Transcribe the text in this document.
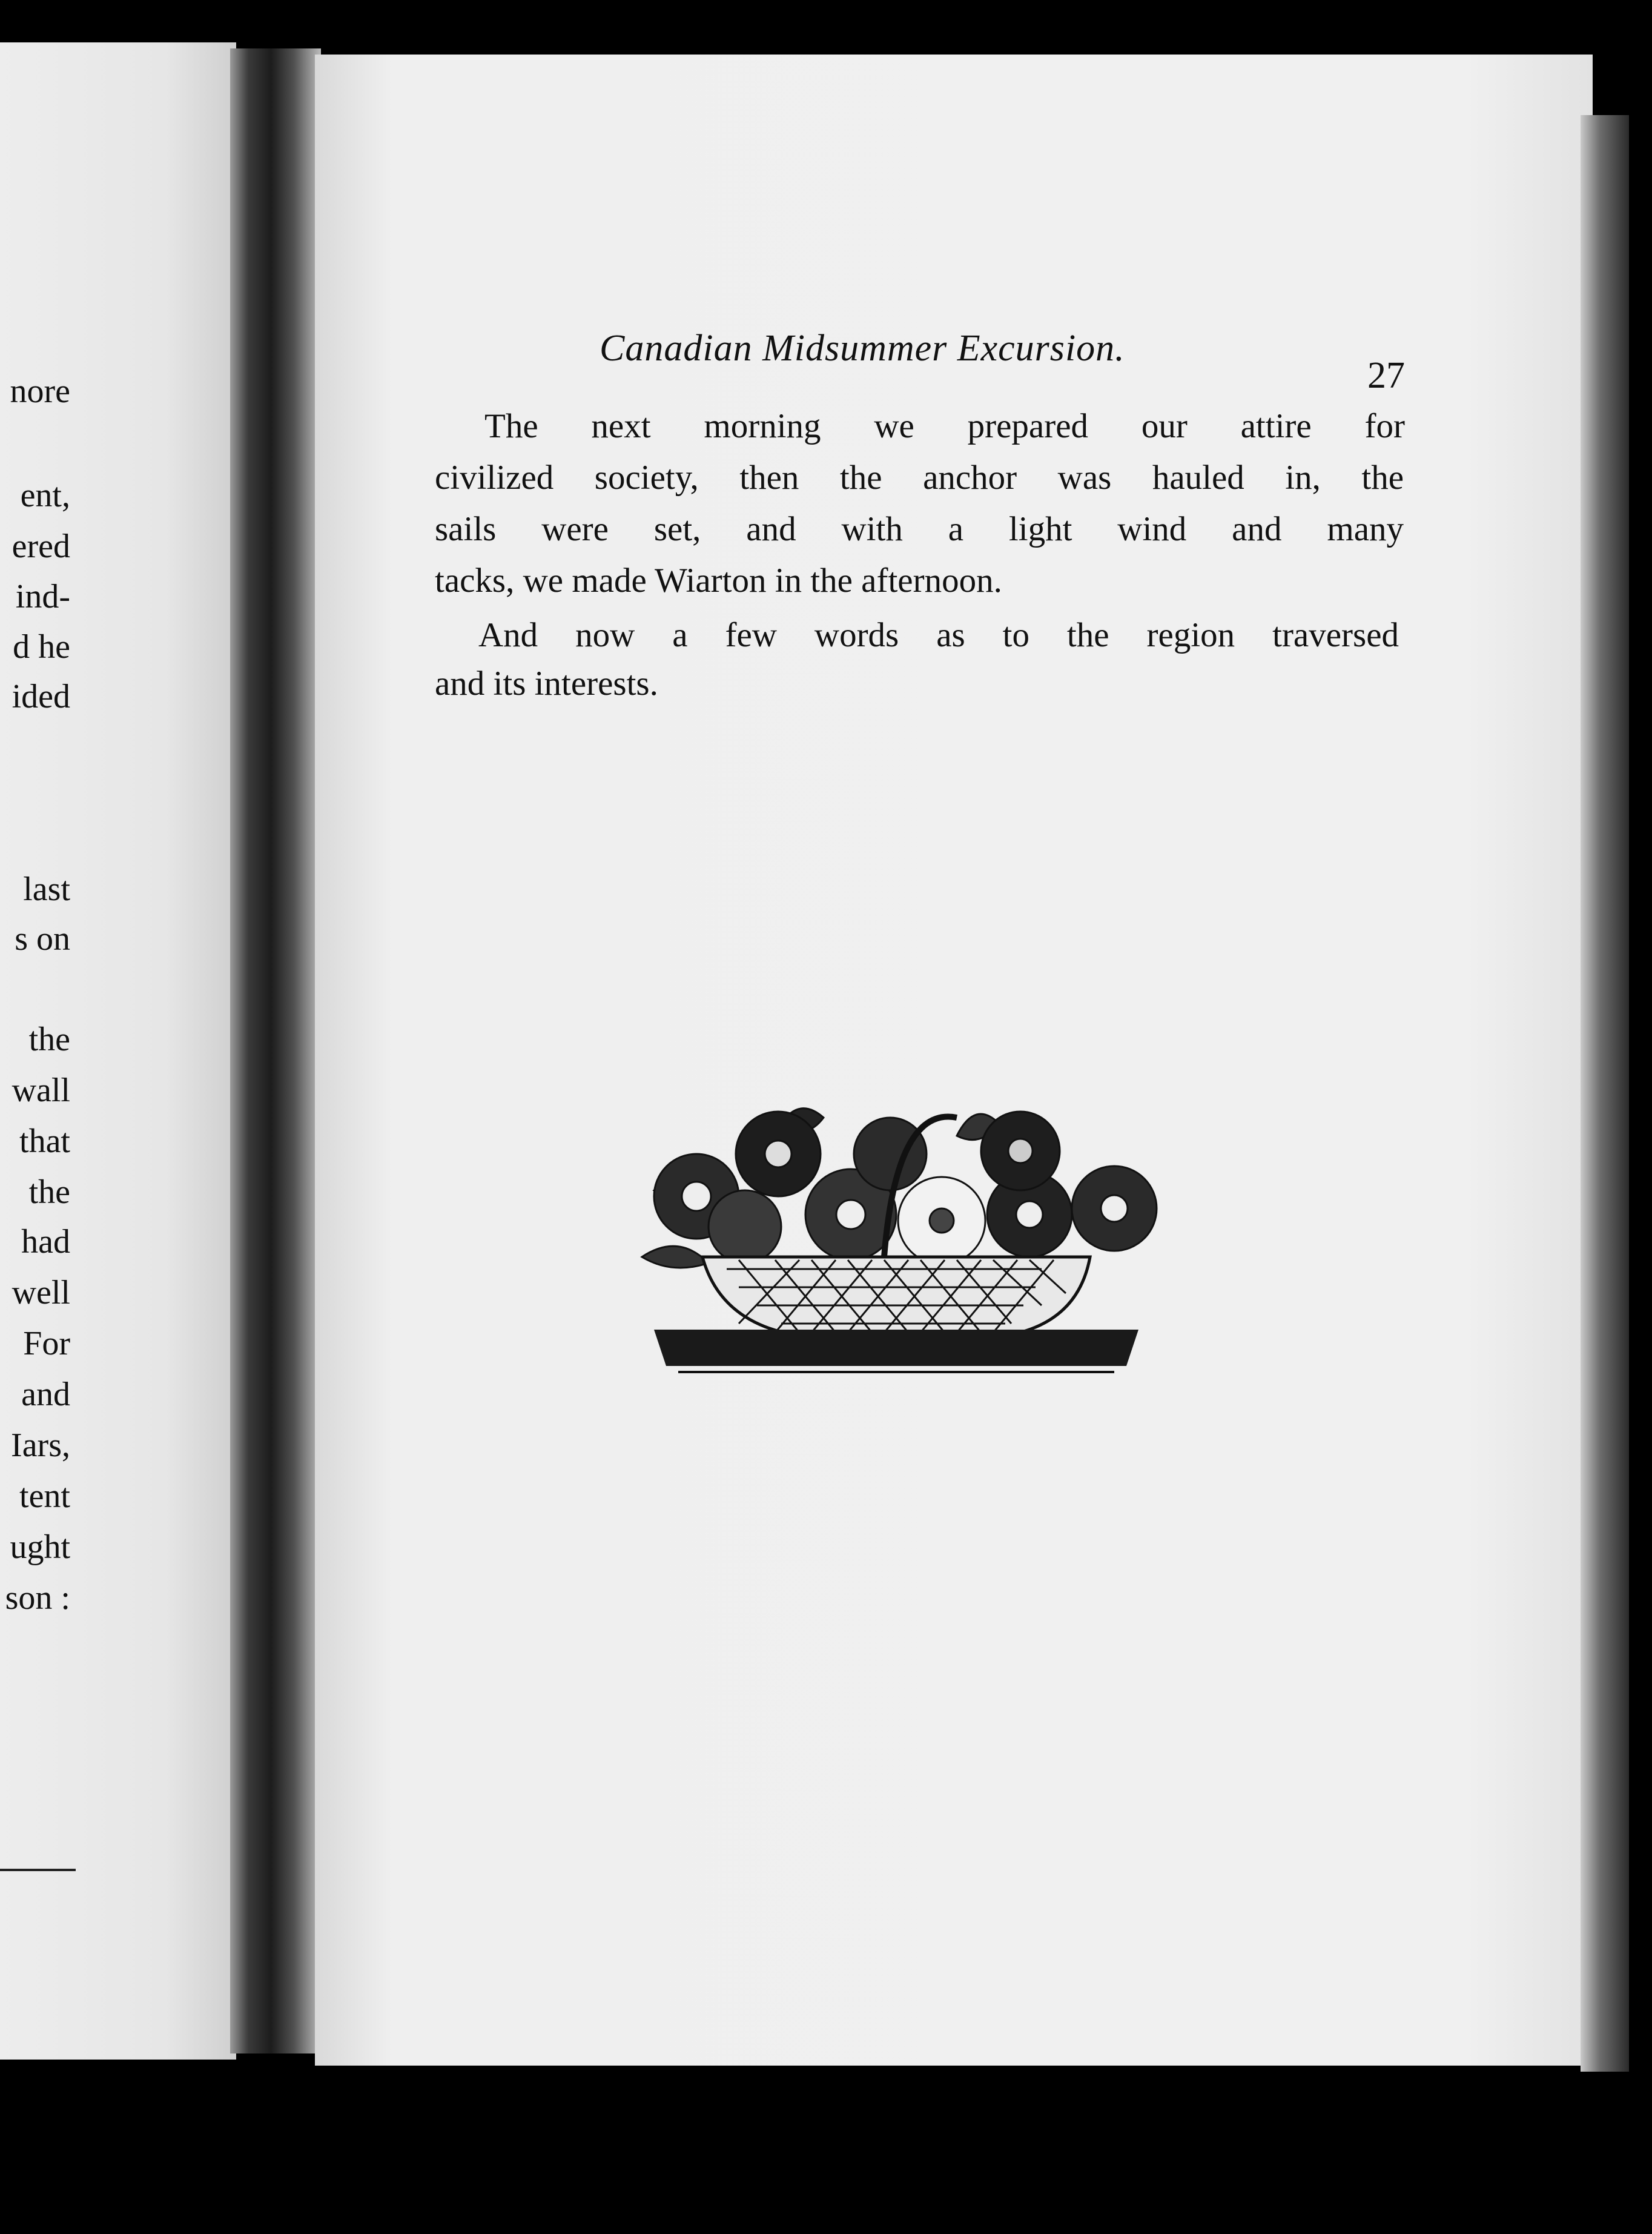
nore
ent,
ered
ind-
d he
ided
last
s on
the
wall
that
the
had
well
For
and
Iars,
tent
ught
son :
Canadian Midsummer Excursion.
27
The next morning we prepared our attire for
civilized society, then the anchor was hauled in, the
sails were set, and with a light wind and many
tacks, we made Wiarton in the afternoon.
And now a few words as to the region traversed
and its interests.
